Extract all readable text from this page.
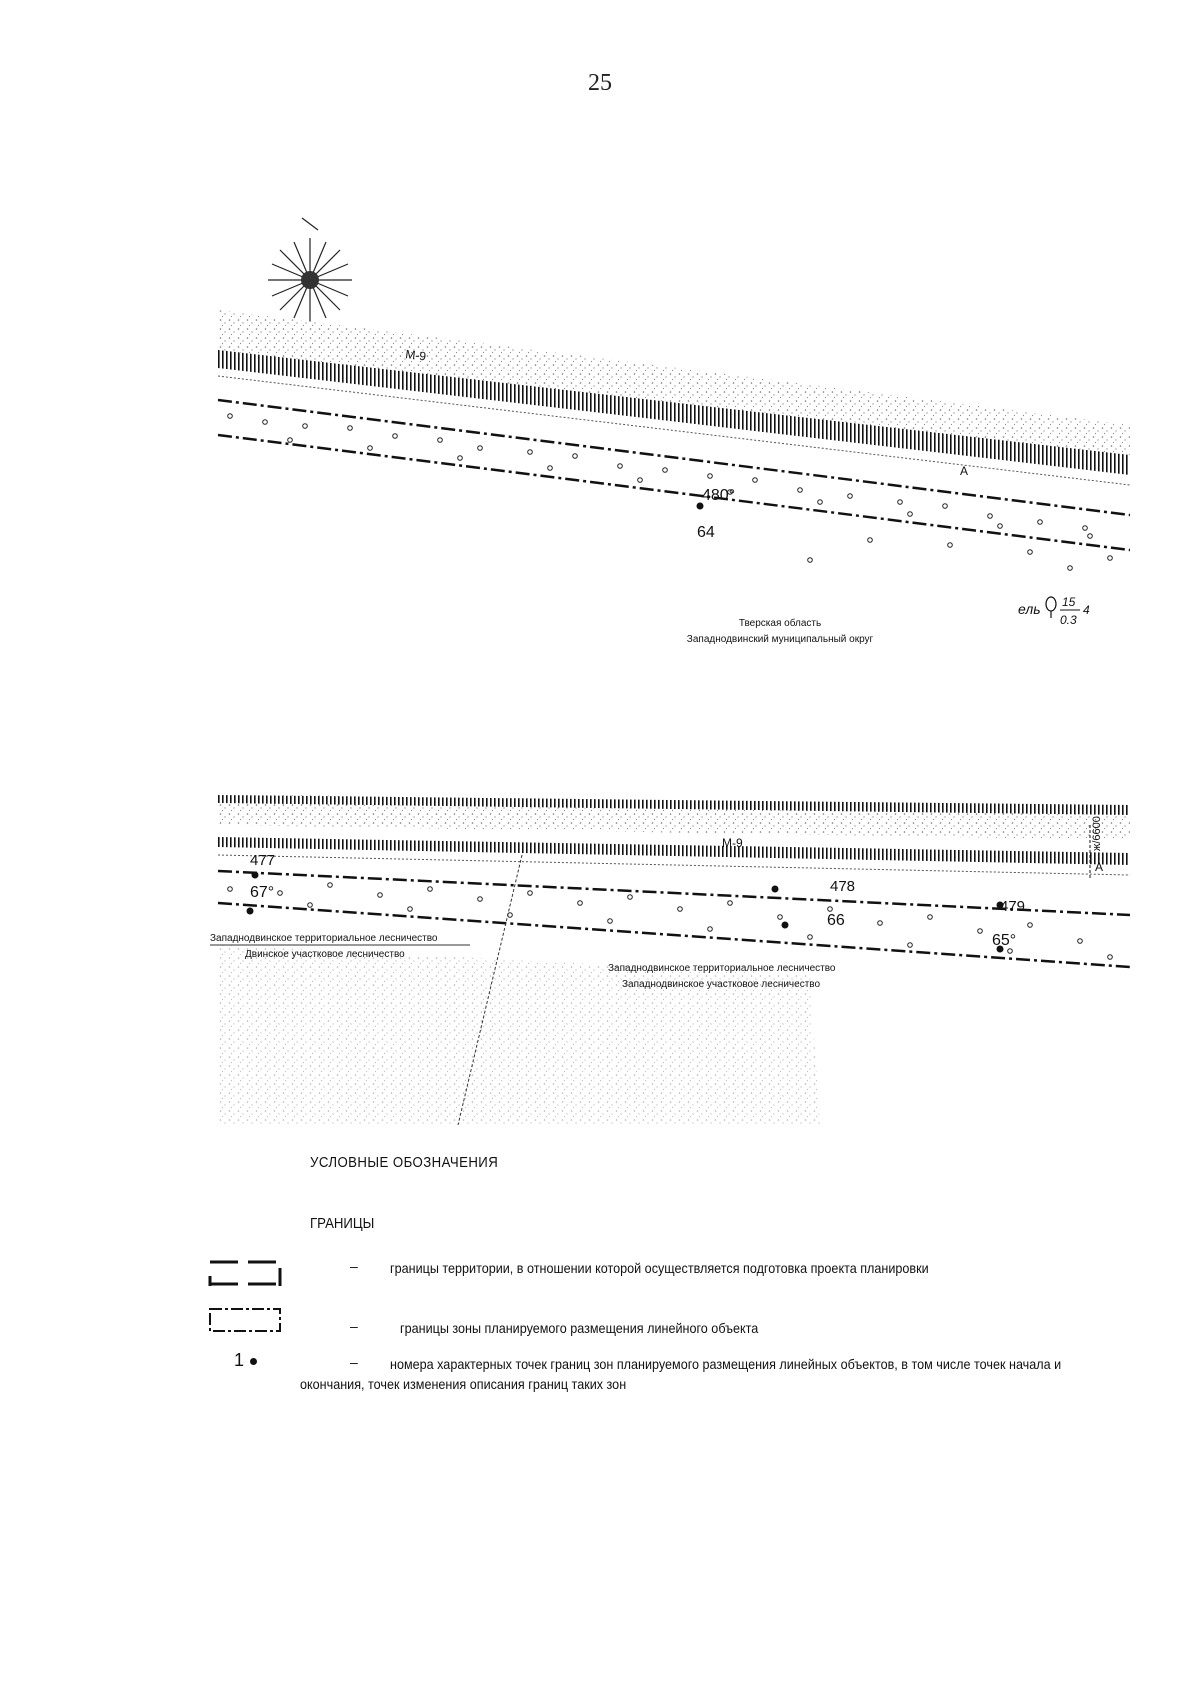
25
М-9
А
480°
64
ель 15
0.3
4
Тверская область
Западнодвинский муниципальный округ
М-9
477
67°	478
479
66
65°
А
ж/6600
Западнодвинское территориальное лесничество
Двинское участковое лесничество
Западнодвинское территориальное лесничество
Западнодвинское участковое лесничество
УСЛОВНЫЕ ОБОЗНАЧЕНИЯ
ГРАНИЦЫ
–	границы территории, в отношении которой осуществляется подготовка проекта планировки
–	границы зоны планируемого размещения линейного объекта
1	–	номера характерных точек границ зон планируемого размещения линейных объектов, в том числе точек начала и окончания, точек изменения описания границ таких зон
